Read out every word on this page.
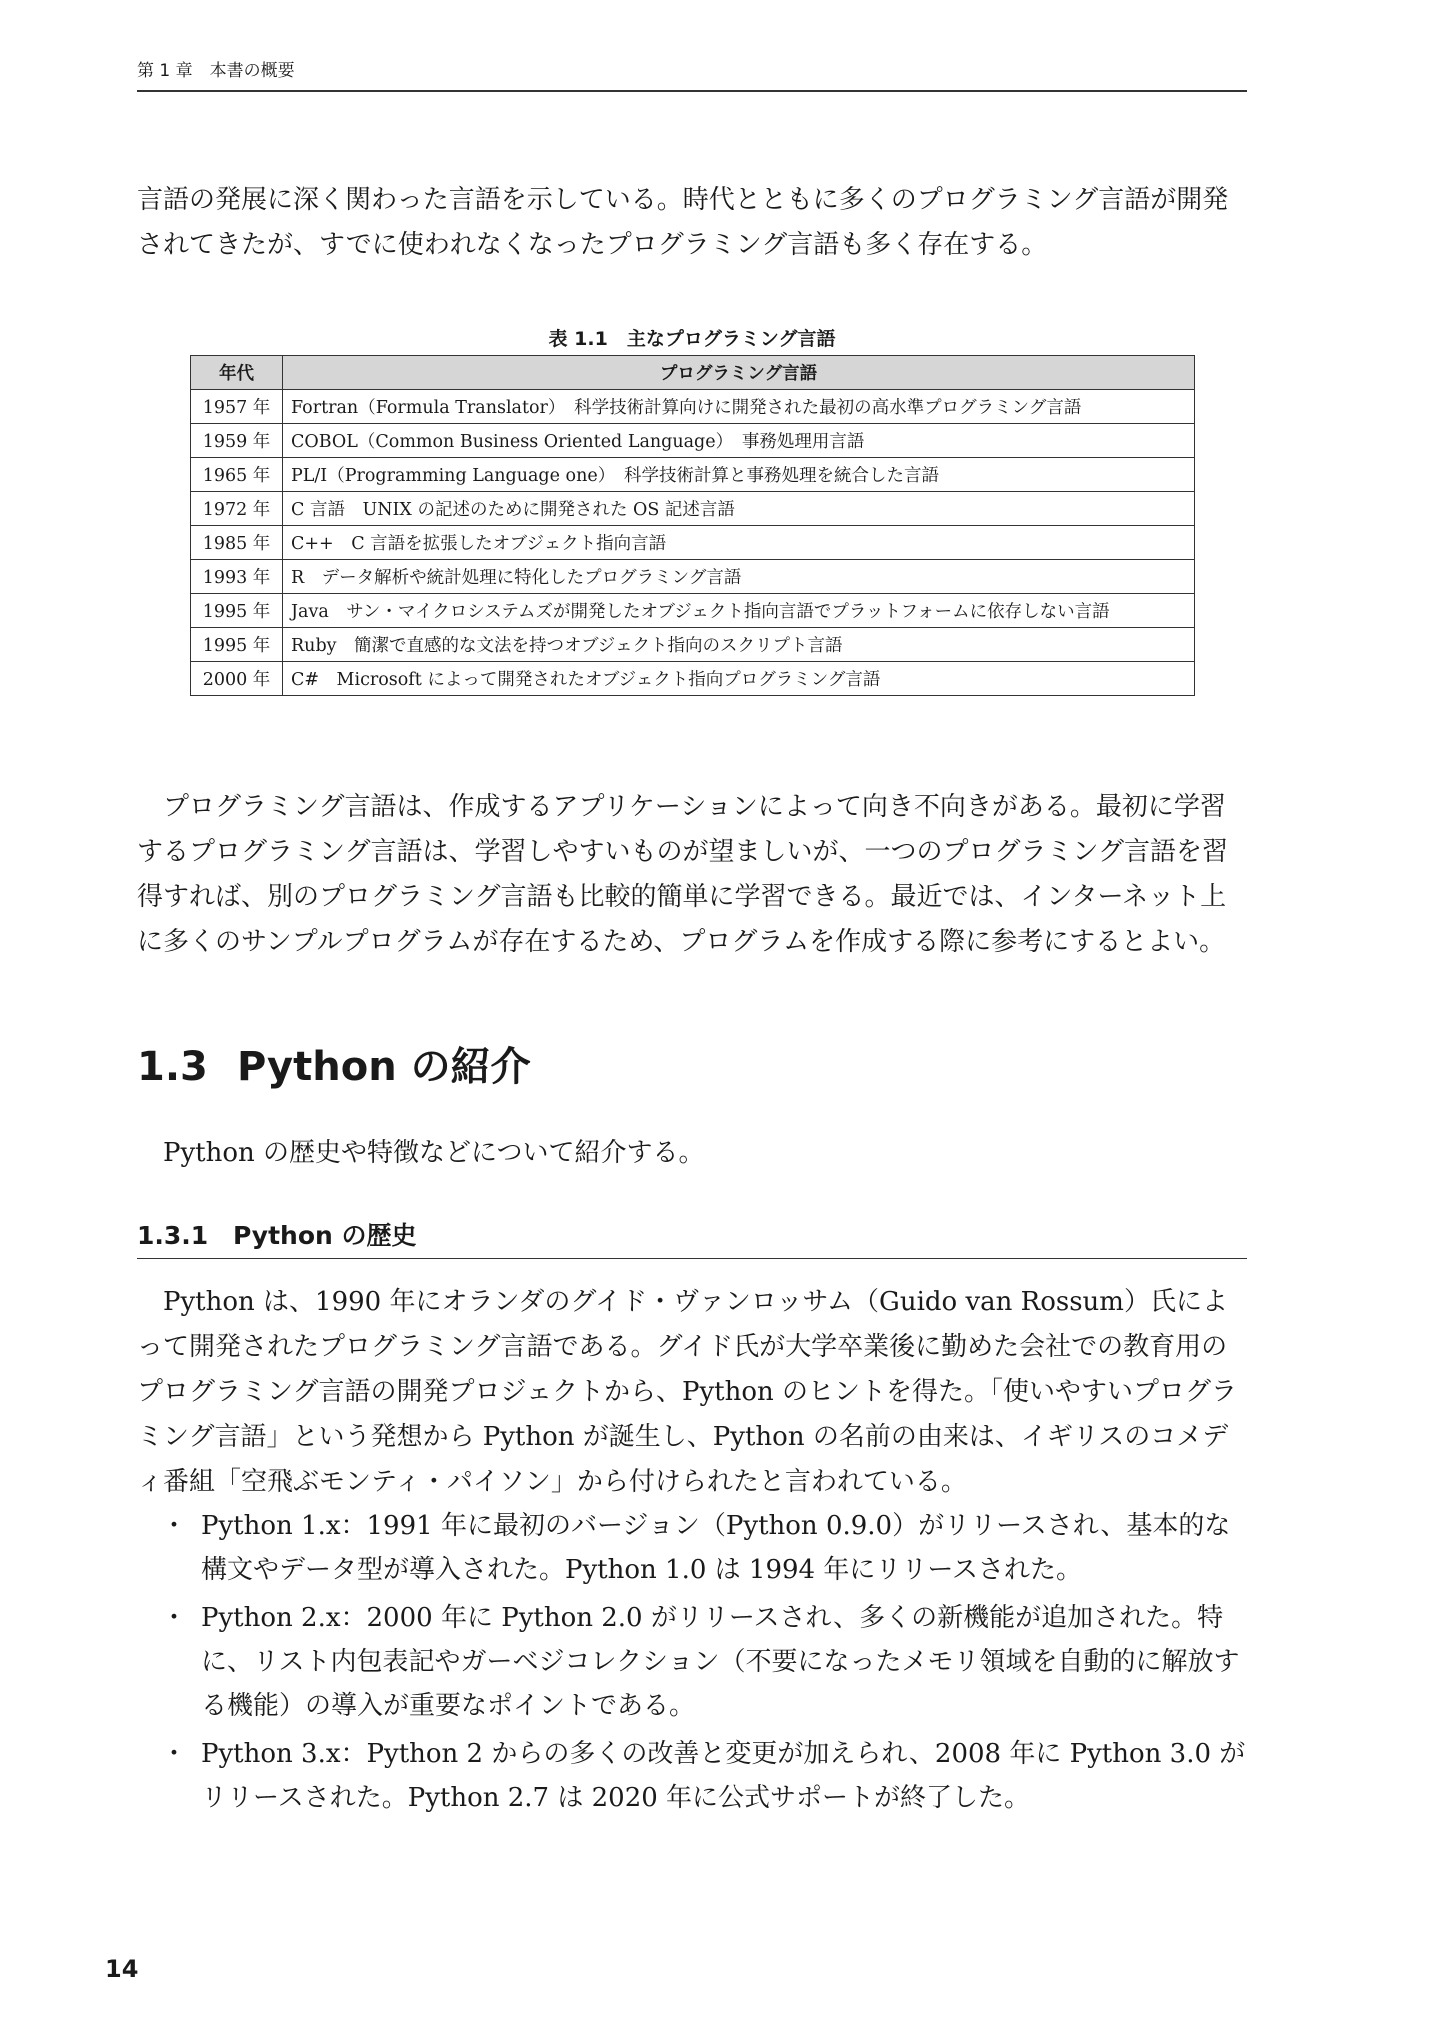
第 1 章　本書の概要

言語の発展に深く関わった言語を示している。時代とともに多くのプログラミング言語が開発されてきたが、すでに使われなくなったプログラミング言語も多く存在する。

表 1.1　主なプログラミング言語
年代	プログラミング言語
1957 年	Fortran（Formula Translator）　科学技術計算向けに開発された最初の高水準プログラミング言語
1959 年	COBOL（Common Business Oriented Language）　事務処理用言語
1965 年	PL/I（Programming Language one）　科学技術計算と事務処理を統合した言語
1972 年	C 言語　UNIX の記述のために開発された OS 記述言語
1985 年	C++　C 言語を拡張したオブジェクト指向言語
1993 年	R　データ解析や統計処理に特化したプログラミング言語
1995 年	Java　サン・マイクロシステムズが開発したオブジェクト指向言語でプラットフォームに依存しない言語
1995 年	Ruby　簡潔で直感的な文法を持つオブジェクト指向のスクリプト言語
2000 年	C#　Microsoft によって開発されたオブジェクト指向プログラミング言語

プログラミング言語は、作成するアプリケーションによって向き不向きがある。最初に学習するプログラミング言語は、学習しやすいものが望ましいが、一つのプログラミング言語を習得すれば、別のプログラミング言語も比較的簡単に学習できる。最近では、インターネット上に多くのサンプルプログラムが存在するため、プログラムを作成する際に参考にするとよい。

1.3 Python の紹介

Python の歴史や特徴などについて紹介する。

1.3.1 Python の歴史

Python は、1990 年にオランダのグイド・ヴァンロッサム（Guido van Rossum）氏によって開発されたプログラミング言語である。グイド氏が大学卒業後に勤めた会社での教育用のプログラミング言語の開発プロジェクトから、Python のヒントを得た。「使いやすいプログラミング言語」という発想から Python が誕生し、Python の名前の由来は、イギリスのコメディ番組「空飛ぶモンティ・パイソン」から付けられたと言われている。

・ Python 1.x：1991 年に最初のバージョン（Python 0.9.0）がリリースされ、基本的な構文やデータ型が導入された。Python 1.0 は 1994 年にリリースされた。
・ Python 2.x：2000 年に Python 2.0 がリリースされ、多くの新機能が追加された。特に、リスト内包表記やガーベジコレクション（不要になったメモリ領域を自動的に解放する機能）の導入が重要なポイントである。
・ Python 3.x：Python 2 からの多くの改善と変更が加えられ、2008 年に Python 3.0 がリリースされた。Python 2.7 は 2020 年に公式サポートが終了した。
14
